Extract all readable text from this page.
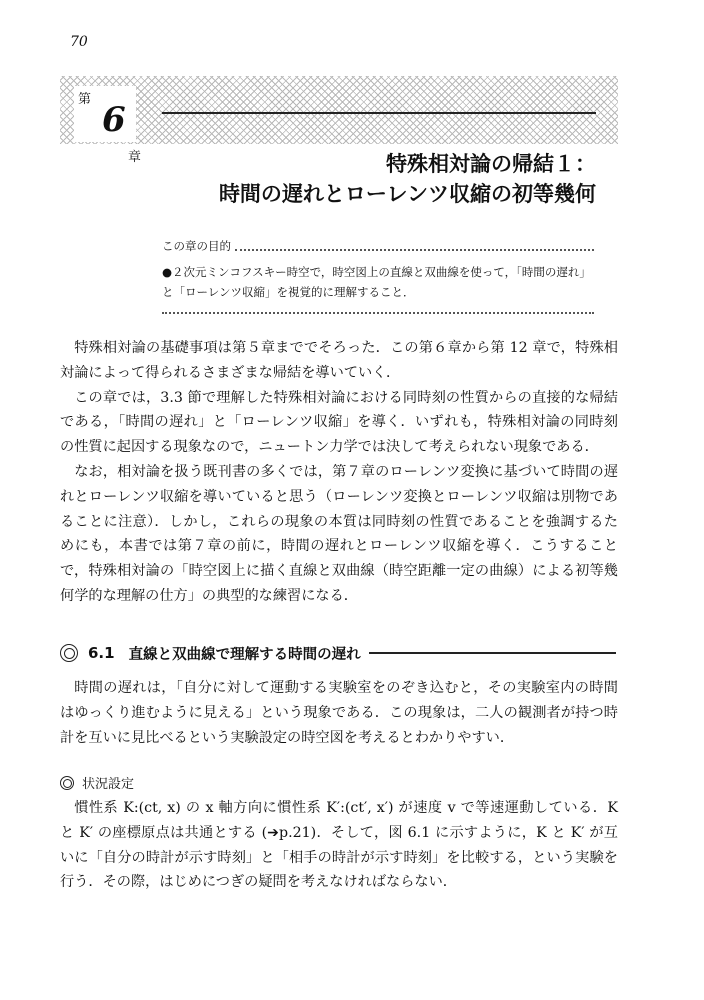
70
第
6
章	特殊相対論の帰結１：
時間の遅れとローレンツ収縮の初等幾何
この章の目的
●２次元ミンコフスキー時空で，時空図上の直線と双曲線を使って，「時間の遅れ」と「ローレンツ収縮」を視覚的に理解すること．

特殊相対論の基礎事項は第５章まででそろった．この第６章から第 12 章で，特殊相対論によって得られるさまざまな帰結を導いていく．

この章では，3.3 節で理解した特殊相対論における同時刻の性質からの直接的な帰結である，「時間の遅れ」と「ローレンツ収縮」を導く．いずれも，特殊相対論の同時刻の性質に起因する現象なので，ニュートン力学では決して考えられない現象である．

なお，相対論を扱う既刊書の多くでは，第７章のローレンツ変換に基づいて時間の遅れとローレンツ収縮を導いていると思う（ローレンツ変換とローレンツ収縮は別物であることに注意）．しかし，これらの現象の本質は同時刻の性質であることを強調するためにも，本書では第７章の前に，時間の遅れとローレンツ収縮を導く．こうすることで，特殊相対論の「時空図上に描く直線と双曲線（時空距離一定の曲線）による初等幾何学的な理解の仕方」の典型的な練習になる．

6.1 直線と双曲線で理解する時間の遅れ

時間の遅れは，「自分に対して運動する実験室をのぞき込むと，その実験室内の時間はゆっくり進むように見える」という現象である．この現象は，二人の観測者が持つ時計を互いに見比べるという実験設定の時空図を考えるとわかりやすい．

状況設定

慣性系 K:(ct, x) の x 軸方向に慣性系 K′:(ct′, x′) が速度 v で等速運動している．K と K′ の座標原点は共通とする (➔p.21)．そして，図 6.1 に示すように，K と K′ が互いに「自分の時計が示す時刻」と「相手の時計が示す時刻」を比較する，という実験を行う．その際，はじめにつぎの疑問を考えなければならない．
